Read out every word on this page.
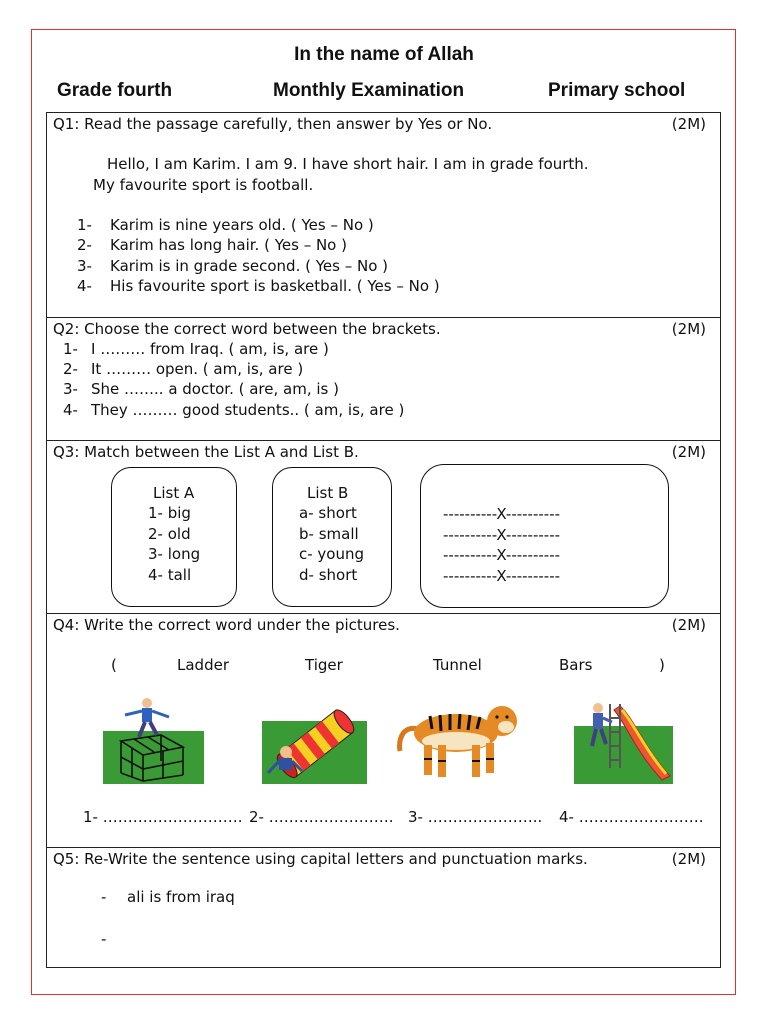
In the name of Allah
Grade fourth	Monthly Examination	Primary school
Q1: Read the passage carefully, then answer by Yes or No.	(2M)
Hello, I am Karim. I am 9. I have short hair. I am in grade fourth.
My favourite sport is football.
1- Karim is nine years old. ( Yes – No )
2- Karim has long hair. ( Yes – No )
3- Karim is in grade second. ( Yes – No )
4- His favourite sport is basketball. ( Yes – No )
Q2: Choose the correct word between the brackets.	(2M)
1- I ……… from Iraq. ( am, is, are )
2- It ……… open. ( am, is, are )
3- She …….. a doctor. ( are, am, is )
4- They ……… good students.. ( am, is, are )
Q3: Match between the List A and List B.	(2M)
List A
1- big
2- old
3- long
4- tall
List B
a- short
b- small
c- young
d- short
----------X----------
----------X----------
----------X----------
----------X----------
Q4: Write the correct word under the pictures.	(2M)
(	Ladder	Tiger	Tunnel	Bars	)
1- ………………………. 2- ……………………. 3- ………………….. 4- …………………….
Q5: Re-Write the sentence using capital letters and punctuation marks.	(2M)
- ali is from iraq
-
